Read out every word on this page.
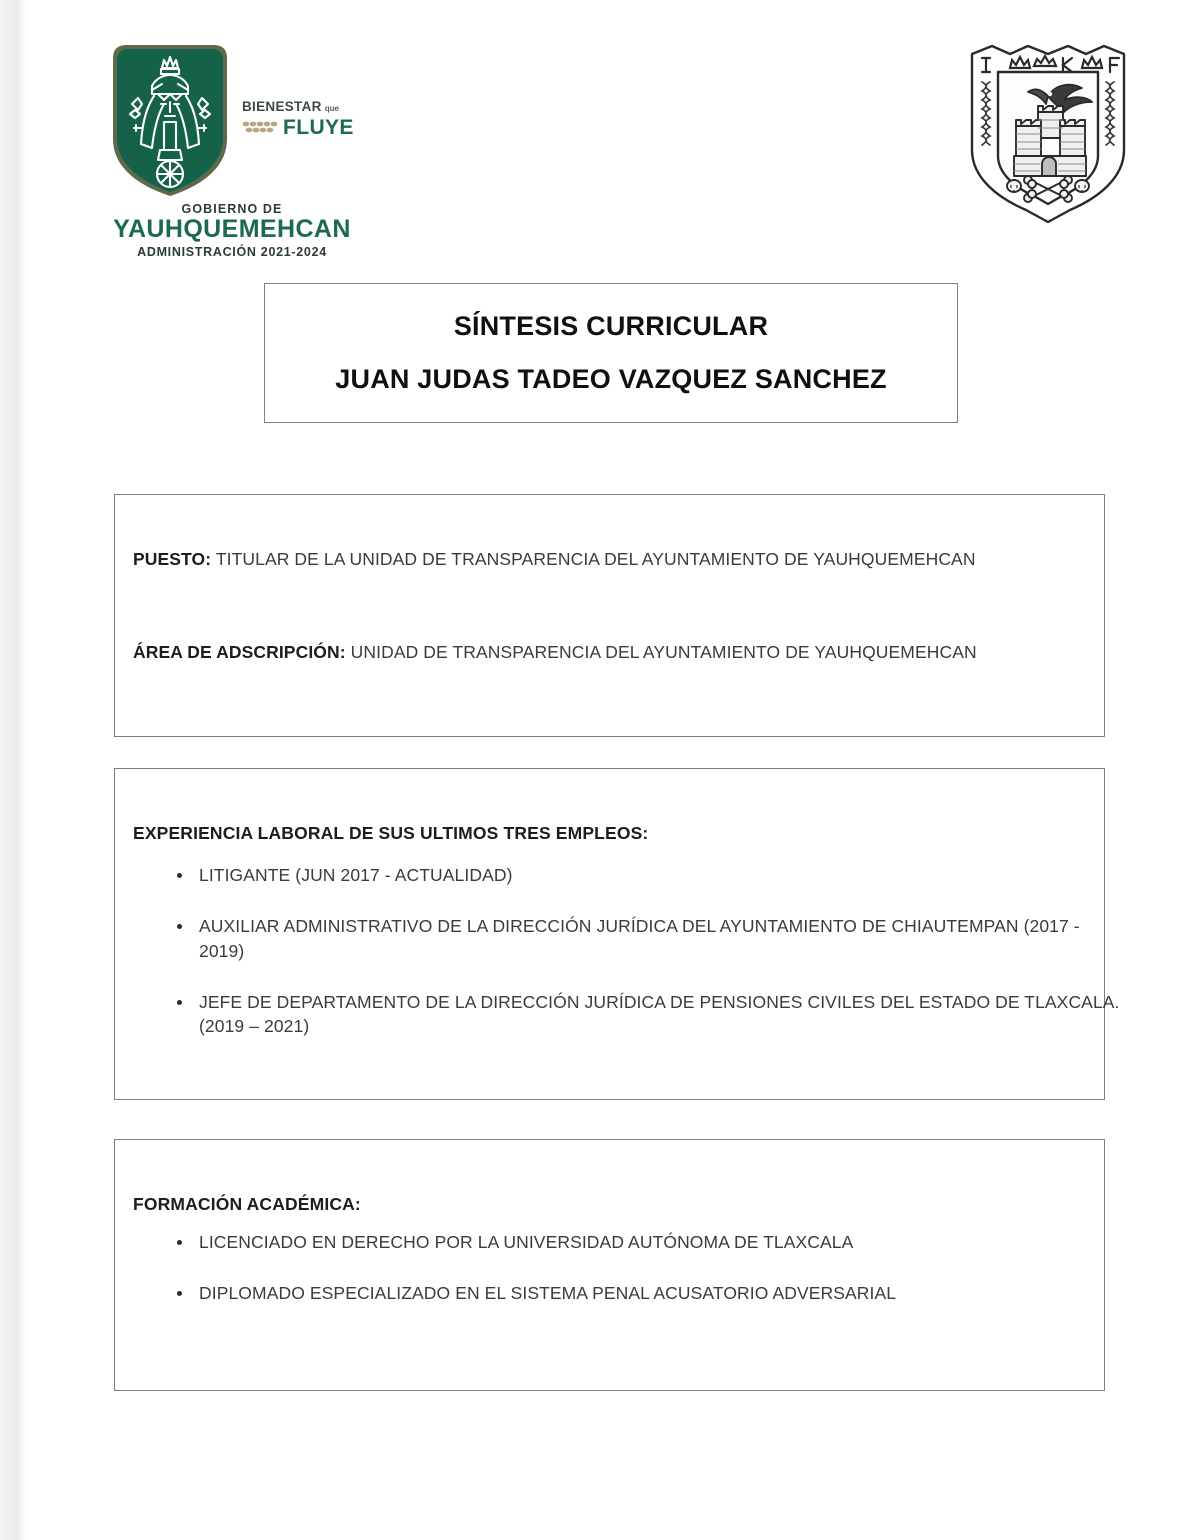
BIENESTAR que
FLUYE
GOBIERNO DE
YAUHQUEMEHCAN
ADMINISTRACIÓN 2021-2024
SÍNTESIS CURRICULAR
JUAN JUDAS TADEO VAZQUEZ SANCHEZ
PUESTO: TITULAR DE LA UNIDAD DE TRANSPARENCIA DEL AYUNTAMIENTO DE YAUHQUEMEHCAN
ÁREA DE ADSCRIPCIÓN: UNIDAD DE TRANSPARENCIA DEL AYUNTAMIENTO DE YAUHQUEMEHCAN
EXPERIENCIA LABORAL DE SUS ULTIMOS TRES EMPLEOS:
LITIGANTE (JUN 2017 - ACTUALIDAD)
AUXILIAR ADMINISTRATIVO DE LA DIRECCIÓN JURÍDICA DEL AYUNTAMIENTO DE CHIAUTEMPAN (2017 - 2019)
JEFE DE DEPARTAMENTO DE LA DIRECCIÓN JURÍDICA DE PENSIONES CIVILES DEL ESTADO DE TLAXCALA. (2019 – 2021)
FORMACIÓN ACADÉMICA:
LICENCIADO EN DERECHO POR LA UNIVERSIDAD AUTÓNOMA DE TLAXCALA
DIPLOMADO ESPECIALIZADO EN EL SISTEMA PENAL ACUSATORIO ADVERSARIAL
